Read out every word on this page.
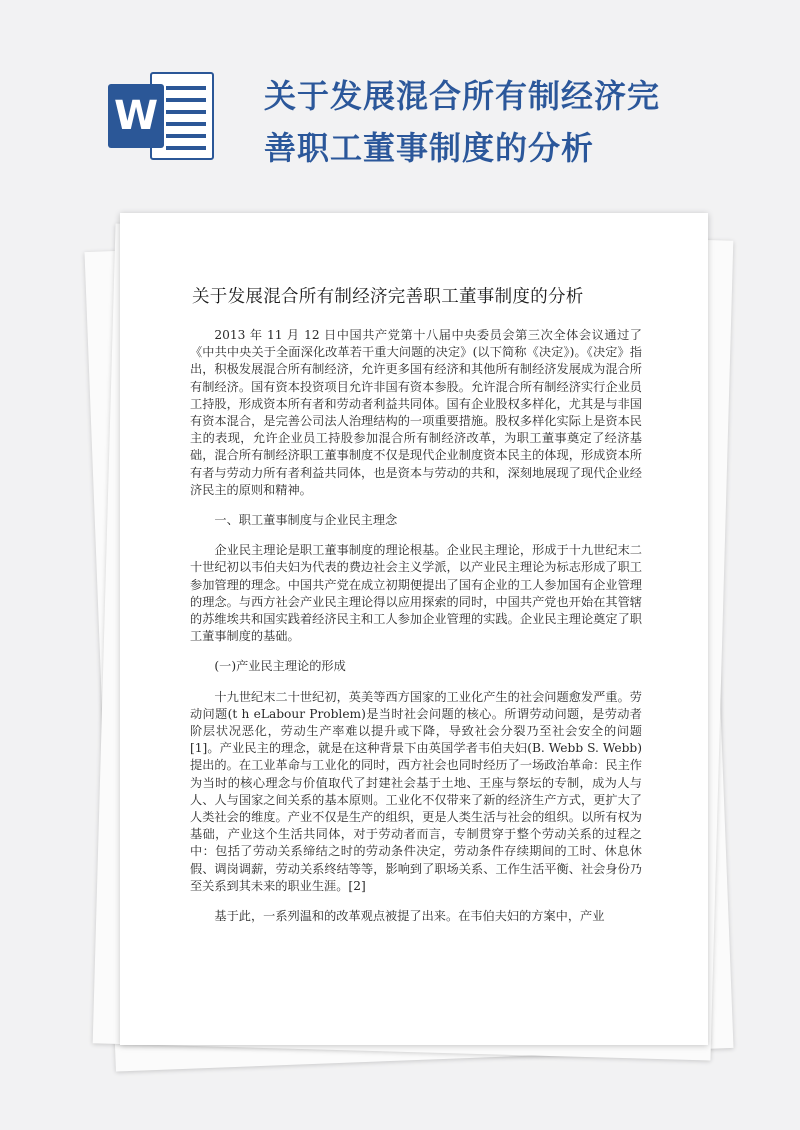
W	关于发展混合所有制经济完善职工董事制度的分析
关于发展混合所有制经济完善职工董事制度的分析

2013 年 11 月 12 日中国共产党第十八届中央委员会第三次全体会议通过了《中共中央关于全面深化改革若干重大问题的决定》(以下简称《决定》)。《决定》指出，积极发展混合所有制经济，允许更多国有经济和其他所有制经济发展成为混合所有制经济。国有资本投资项目允许非国有资本参股。允许混合所有制经济实行企业员工持股，形成资本所有者和劳动者利益共同体。国有企业股权多样化，尤其是与非国有资本混合，是完善公司法人治理结构的一项重要措施。股权多样化实际上是资本民主的表现，允许企业员工持股参加混合所有制经济改革，为职工董事奠定了经济基础，混合所有制经济职工董事制度不仅是现代企业制度资本民主的体现，形成资本所有者与劳动力所有者利益共同体，也是资本与劳动的共和，深刻地展现了现代企业经济民主的原则和精神。

一、职工董事制度与企业民主理念

企业民主理论是职工董事制度的理论根基。企业民主理论，形成于十九世纪末二十世纪初以韦伯夫妇为代表的费边社会主义学派，以产业民主理论为标志形成了职工参加管理的理念。中国共产党在成立初期便提出了国有企业的工人参加国有企业管理的理念。与西方社会产业民主理论得以应用探索的同时，中国共产党也开始在其管辖的苏维埃共和国实践着经济民主和工人参加企业管理的实践。企业民主理论奠定了职工董事制度的基础。

(一)产业民主理论的形成

十九世纪末二十世纪初，英美等西方国家的工业化产生的社会问题愈发严重。劳动问题(t h eLabour Problem)是当时社会问题的核心。所谓劳动问题，是劳动者阶层状况恶化，劳动生产率难以提升或下降，导致社会分裂乃至社会安全的问题[1]。产业民主的理念，就是在这种背景下由英国学者韦伯夫妇(B. Webb S. Webb)提出的。在工业革命与工业化的同时，西方社会也同时经历了一场政治革命：民主作为当时的核心理念与价值取代了封建社会基于土地、王座与祭坛的专制，成为人与人、人与国家之间关系的基本原则。工业化不仅带来了新的经济生产方式，更扩大了人类社会的维度。产业不仅是生产的组织，更是人类生活与社会的组织。以所有权为基础，产业这个生活共同体，对于劳动者而言，专制贯穿于整个劳动关系的过程之中：包括了劳动关系缔结之时的劳动条件决定，劳动条件存续期间的工时、休息休假、调岗调薪，劳动关系终结等等，影响到了职场关系、工作生活平衡、社会身份乃至关系到其未来的职业生涯。[2]

基于此，一系列温和的改革观点被提了出来。在韦伯夫妇的方案中，产业
